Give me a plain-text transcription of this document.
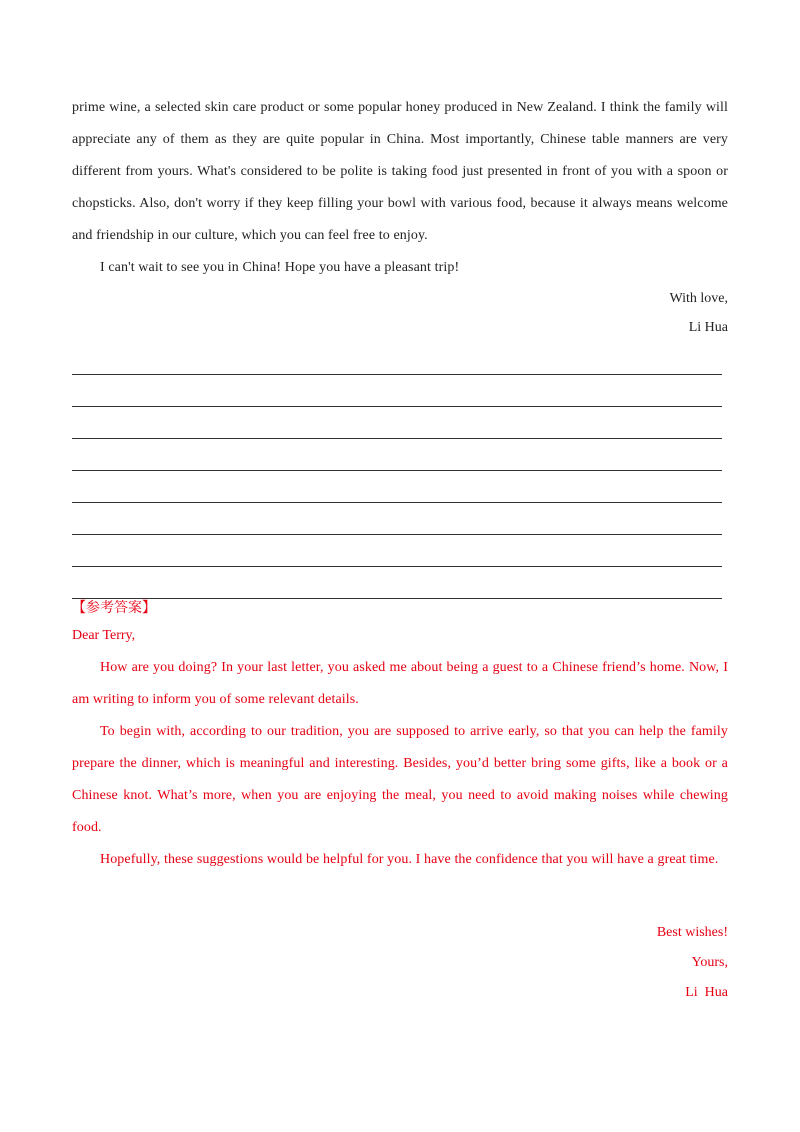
prime wine, a selected skin care product or some popular honey produced in New Zealand. I think the family will appreciate any of them as they are quite popular in China. Most importantly, Chinese table manners are very different from yours. What's considered to be polite is taking food just presented in front of you with a spoon or chopsticks. Also, don't worry if they keep filling your bowl with various food, because it always means welcome and friendship in our culture, which you can feel free to enjoy.

I can't wait to see you in China! Hope you have a pleasant trip!

With love,

Li Hua

【参考答案】

Dear Terry,

How are you doing? In your last letter, you asked me about being a guest to a Chinese friend’s home. Now, I am writing to inform you of some relevant details.

To begin with, according to our tradition, you are supposed to arrive early, so that you can help the family prepare the dinner, which is meaningful and interesting. Besides, you’d better bring some gifts, like a book or a Chinese knot. What’s more, when you are enjoying the meal, you need to avoid making noises while chewing food.

Hopefully, these suggestions would be helpful for you. I have the confidence that you will have a great time.

Best wishes!

Yours,

Li  Hua
